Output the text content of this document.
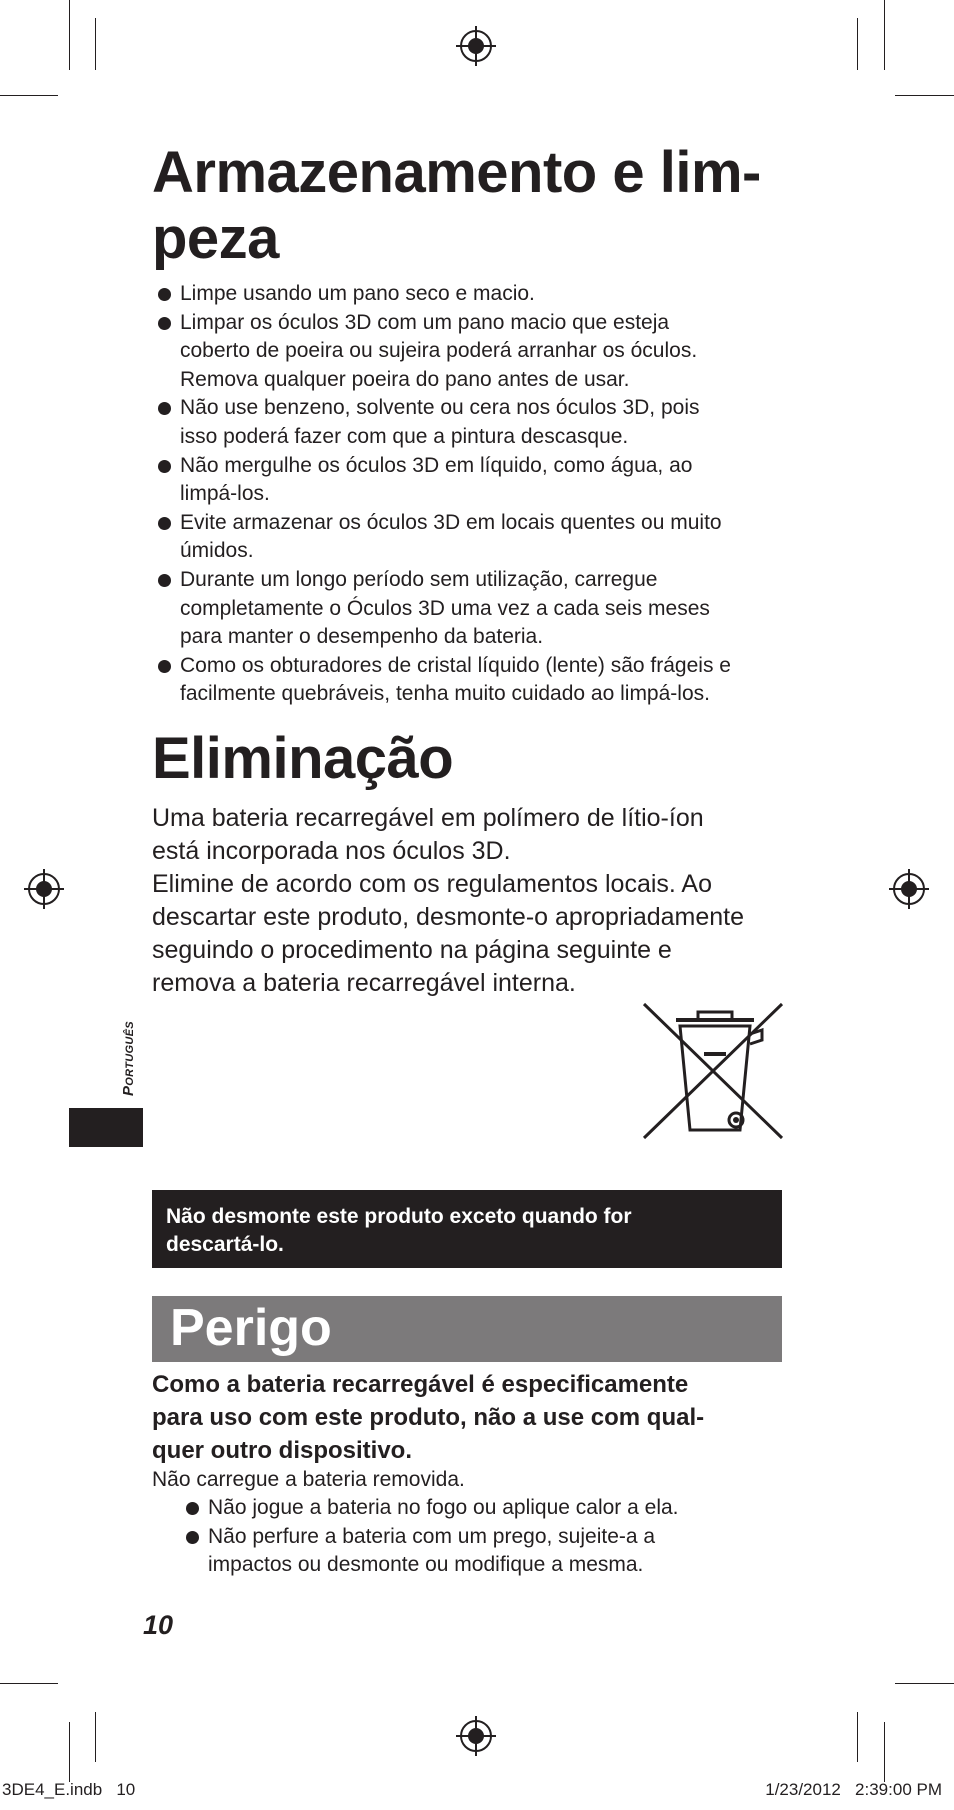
Armazenamento e lim-
peza
Limpe usando um pano seco e macio.
Limpar os óculos 3D com um pano macio que esteja
coberto de poeira ou sujeira poderá arranhar os óculos.
Remova qualquer poeira do pano antes de usar.
Não use benzeno, solvente ou cera nos óculos 3D, pois
isso poderá fazer com que a pintura descasque.
Não mergulhe os óculos 3D em líquido, como água, ao
limpá-los.
Evite armazenar os óculos 3D em locais quentes ou muito
úmidos.
Durante um longo período sem utilização, carregue
completamente o Óculos 3D uma vez a cada seis meses
para manter o desempenho da bateria.
Como os obturadores de cristal líquido (lente) são frágeis e
facilmente quebráveis, tenha muito cuidado ao limpá-los.
Eliminação

Uma bateria recarregável em polímero de lítio-íon
está incorporada nos óculos 3D.
Elimine de acordo com os regulamentos locais. Ao
descartar este produto, desmonte-o apropriadamente
seguindo o procedimento na página seguinte e
remova a bateria recarregável interna.

Português
Não desmonte este produto exceto quando for
descartá-lo.
Perigo

Como a bateria recarregável é especificamente
para uso com este produto, não a use com qual-
quer outro dispositivo.

Não carregue a bateria removida.

Não jogue a bateria no fogo ou aplique calor a ela.
Não perfure a bateria com um prego, sujeite-a a
impactos ou desmonte ou modifique a mesma.
10
3DE4_E.indb   10	1/23/2012   2:39:00 PM
